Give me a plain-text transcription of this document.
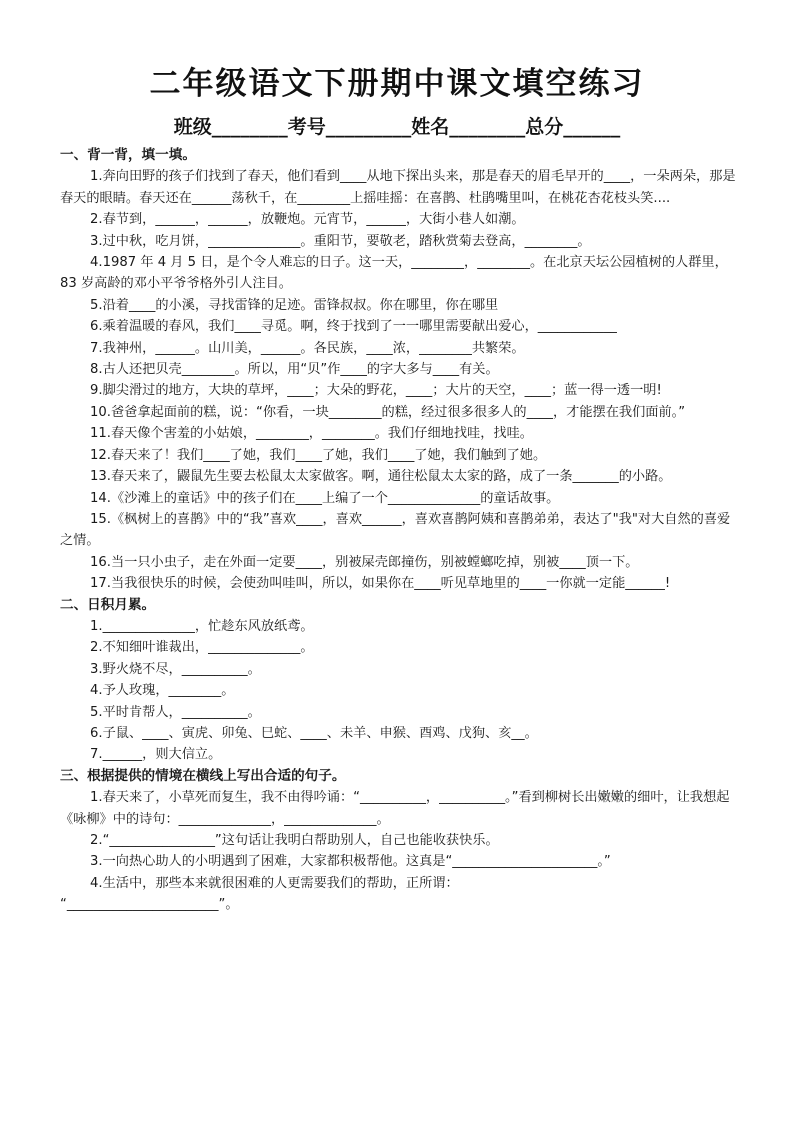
二年级语文下册期中课文填空练习
班级________考号_________姓名________总分______
一、背一背，填一填。
1.奔向田野的孩子们找到了春天，他们看到____从地下探出头来，那是春天的眉毛早开的____，一朵两朵，那是春天的眼睛。春天还在______荡秋千，在________上摇哇摇：在喜鹊、杜鹃嘴里叫，在桃花杏花枝头笑....
2.春节到，______，______，放鞭炮。元宵节，______，大街小巷人如潮。
3.过中秋，吃月饼，______________。重阳节，要敬老，踏秋赏菊去登高，________。
4.1987 年 4 月 5 日，是个令人难忘的日子。这一天，________，________。在北京天坛公园植树的人群里，83 岁高龄的邓小平爷爷格外引人注目。
5.沿着____的小溪，寻找雷锋的足迹。雷锋叔叔。你在哪里，你在哪里
6.乘着温暖的春风，我们____寻觅。啊，终于找到了一一哪里需要献出爱心，____________
7.我神州，______。山川美，______。各民族，____浓，________共繁荣。
8.古人还把贝壳________。所以，用“贝”作____的字大多与____有关。
9.脚尖滑过的地方，大块的草坪，____；大朵的野花，____；大片的天空，____；蓝一得一透一明!
10.爸爸拿起面前的糕，说：“你看，一块________的糕，经过很多很多人的____，才能摆在我们面前。”
11.春天像个害羞的小姑娘，________，________。我们仔细地找哇，找哇。
12.春天来了！我们____了她，我们____了她，我们____了她，我们触到了她。
13.春天来了，鼹鼠先生要去松鼠太太家做客。啊，通往松鼠太太家的路，成了一条_______的小路。
14.《沙滩上的童话》中的孩子们在____上编了一个______________的童话故事。
15.《枫树上的喜鹊》中的“我”喜欢____，喜欢______，喜欢喜鹊阿姨和喜鹊弟弟，表达了"我"对大自然的喜爱之情。
16.当一只小虫子，走在外面一定要____，别被屎壳郎撞伤，别被螳螂吃掉，别被____顶一下。
17.当我很快乐的时候，会使劲叫哇叫，所以，如果你在____听见草地里的____一你就一定能______!
二、日积月累。
1.______________，忙趁东风放纸鸢。
2.不知细叶谁裁出，______________。
3.野火烧不尽，__________。
4.予人玫瑰，________。
5.平时肯帮人，__________。
6.子鼠、____、寅虎、卯兔、巳蛇、____、未羊、申猴、酉鸡、戊狗、亥__。
7.______，则大信立。
三、根据提供的情境在横线上写出合适的句子。
1.春天来了，小草死而复生，我不由得吟诵：“__________，__________。”看到柳树长出嫩嫩的细叶，让我想起《咏柳》中的诗句：______________，______________。
2.“________________”这句话让我明白帮助别人，自己也能收获快乐。
3.一向热心助人的小明遇到了困难，大家都积极帮他。这真是“______________________。”
4.生活中，那些本来就很困难的人更需要我们的帮助，正所谓：
“_______________________”。
